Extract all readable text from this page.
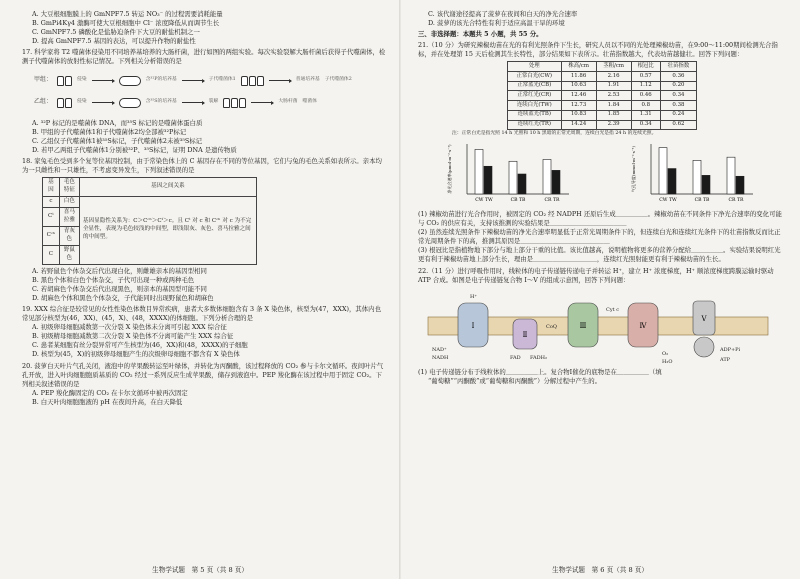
A. 大豆根细胞膜上的 GmNPF7.5 转运 NO₃⁻ 的过程需要消耗能量

B. GmPi4Kγ4 激酶可使大豆根细胞中 Cl⁻ 浓度降低从而调节生长

C. GmNPF7.5 磷酸化是盐胁迫条件下大豆的耐盐机制之一

D. 提高 GmNPF7.5 基因的表达，可以提升作物的耐盐性

17. 科学家将 T2 噬菌体侵染用不同培养基培养的大肠杆菌，进行如图的两组实验。每次实验裂解大肠杆菌后获得子代噬菌体，检测子代噬菌体的放射性标记情况。下列相关分析错误的是

甲组：	侵染	含³²P的培养基	子代噬菌体1	普通培养基 子代噬菌体2
乙组：	侵染	含³⁵S的培养基	裂解	大肠杆菌 噬菌体

A. ³²P 标记的是噬菌体 DNA，而³⁵S 标记的是噬菌体蛋白质

B. 甲组的子代噬菌体1和子代噬菌体2均全部被³²P标记

C. 乙组仅子代噬菌体1被³⁵S标记，子代噬菌体2未被³⁵S标记

D. 若甲乙两组子代噬菌体1分别被³²P、³⁵S标记，证明 DNA 是遗传物质

18. 家兔毛色受到多个复等位基因控制，由于常染色体上的 C 基因存在不同的等位基因，它们与兔的毛色关系如表所示。亲本均为一只雌性和一只雄性，不考虑变异发生，下列叙述错误的是

基因	毛色特征	基因之间关系
c	白色	基因显隐性关系为：C＞Cᶜʰ＞Cᵗ＞c。且 Cᵗ 对 c 和 Cᶜʰ 对 c 为不完全显性，表现为毛色较浅的中间型，即浅银灰、灰色、喜马拉雅之间的中间型。
Cᵗ	喜马拉雅	
Cᶜʰ	青灰色	
C	野鼠色	

A. 若野鼠色个体杂交后代出现白化，则雌雄亲本的基因型相同

B. 黑色个体和白色个体杂交，子代可出现一种或两种毛色

C. 若胡麻色个体杂交后代出现黑色，则亲本的基因型可能不同

D. 胡麻色个体和黑色个体杂交，子代能同时出现野鼠色和胡麻色

19. XXX 综合征是较常见的女性性染色体数目异常疾病，患者大多数体细胞含有 3 条 X 染色体，核型为(47，XXX)，其体内也常见部分核型为(46，XX)、(45，X)、(48，XXXX)的体细胞。下列分析合理的是

A. 初级卵母细胞减数第一次分裂 X 染色体未分离可引起 XXX 综合征

B. 初级精母细胞减数第二次分裂 X 染色体不分离可能产生 XXX 综合征

C. 患者某细胞有丝分裂异常可产生核型为(46，XX)和(48，XXXX)的子细胞

D. 核型为(45，X)的初级卵母细胞产生的次级卵母细胞不都含有 X 染色体

20. 菠萝白天叶片气孔关闭，液泡中的苹果酸转运至叶绿体，并转化为丙酮酸，该过程释放的 CO₂ 参与卡尔文循环。夜间叶片气孔开放，进入叶肉细胞胞质基质的 CO₂ 经过一系列反应生成苹果酸，储存到液泡中。PEP 羧化酶在该过程中用于固定 CO₂。下列相关叙述错误的是

A. PEP 羧化酶固定的 CO₂ 在卡尔文循环中被再次固定

B. 白天叶肉细胞胞液的 pH 在夜间升高，在白天降低

生物学试题　第 5 页（共 8 页）

C. 该代谢途径提高了菠萝在夜间和白天的净光合速率

D. 菠萝的该光合特性有利于适应高温干旱的环境

三、非选择题：本题共 5 小题，共 55 分。

21.（10 分）为研究辣椒幼苗在光的有利光照条件下生长，研究人员以不同的光处理辣椒幼苗，在9:00～11:00期间检测光合指标，并在处理第 15 天后检测其生长特性，部分结果如下表所示。壮苗指数越大，代表幼苗越健壮。回答下列问题：

处理	株高/cm	茎粗/cm	根冠比	壮苗指数
正常白光(CW)	11.86	2.16	0.57	0.36
正常蓝光(CB)	10.63	1.91	1.12	0.20
正常红光(CR)	12.46	2.53	0.46	0.34
连续白光(TW)	12.73	1.84	0.8	0.38
连续蓝光(TB)	10.83	1.85	1.31	0.24
连续红光(TR)	14.24	2.39	0.34	0.62

注：正常白光是指光照 14 h 光照和 10 h 黑暗的正常光周期，连续白光是指 24 h 的连续光照。

净光合速率(μmol·m⁻²·s⁻¹)
CW TW	CB TB	CR TR
气孔导度(mmol·m⁻²·s⁻¹)
CW TW	CB TB	CR TR

(1) 辣椒幼苗进行光合作用时，被固定的 CO₂ 经 NADPH 还原后生成＿＿＿＿＿。辣椒幼苗在不同条件下净光合速率的变化可能与 CO₂ 的供应有关，支持该推测的实验结果是＿＿＿＿＿＿＿＿＿＿＿＿

(2) 虽然连续光照条件下辣椒幼苗的净光合速率明显低于正常光周期条件下的，但连续白光和连续红光条件下的壮苗指数反而比正常光周期条件下的高，推测其原因是＿＿＿＿＿＿＿＿＿＿＿＿＿＿

(3) 根冠比是指植物地下部分与地上部分干重的比值。该比值越高，说明植物将更多的营养分配给＿＿＿＿＿。实验结果说明红光更有利于辣椒幼苗地上部分生长，理由是＿＿＿＿＿＿＿＿＿＿，连续红光照射能更有利于辣椒幼苗的生长。

22.（11 分）进行呼吸作用时，线粒体的电子传递链传递电子并转运 H⁺，建立 H⁺ 浓度梯度，H⁺ 顺浓度梯度跨膜运输时驱动 ATP 合成。如图是电子传递链复合物 Ⅰ～Ⅴ 的组成示意图，回答下列问题：

Ⅰ
Ⅱ
Ⅲ	Ⅳ
Ⅴ
H⁺
NAD⁺
NADH	FAD FADH₂
CoQ
Cyt c
O₂
H₂O
ADP+Pi
ATP

(1) 电子传递链分布于线粒体的＿＿＿＿＿上。复合物Ⅰ催化的底物是在＿＿＿＿＿（填

“葡萄糖”“丙酮酸”或“葡萄糖和丙酮酸”）分解过程中产生的。

生物学试题　第 6 页（共 8 页）
